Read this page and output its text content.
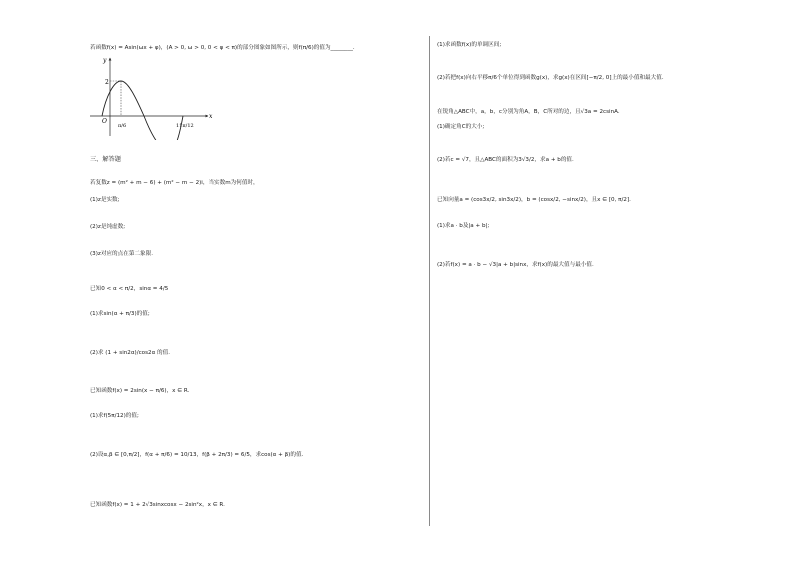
若函数f(x) = Asin(ωx + φ)，(A > 0, ω > 0, 0 < φ < π)的部分图象如图所示，则f(π/6)的值为________.
y
x
O
2
π/6	11π/12
三、解答题
若复数z = (m² + m − 6) + (m² − m − 2)i，当实数m为何值时，
(1)z是实数;
(2)z是纯虚数;
(3)z对应的点在第二象限.
已知0 < α < π/2，sinα = 4/5
(1)求sin(α + π/3)的值;
(2)求 (1 + sin2α)/cos2α 的值.
已知函数f(x) = 2sin(x − π/6)，x ∈ R.
(1)求f(5π/12)的值;
(2)设α,β ∈ [0,π/2]，f(α + π/6) = 10/13，f(β + 2π/3) = 6/5，求cos(α + β)的值.
已知函数f(x) = 1 + 2√3sinxcosx − 2sin²x，x ∈ R.
(1)求函数f(x)的单调区间;
(2)若把f(x)向右平移π/6个单位得到函数g(x)，求g(x)在区间[−π/2, 0]上的最小值和最大值.
在锐角△ABC中，a，b，c分别为角A，B，C所对的边，且√3a = 2csinA.
(1)确定角C的大小;
(2)若c = √7，且△ABC的面积为3√3/2，求a + b的值.
已知向量a = (cos3x/2, sin3x/2)，b = (cosx/2, −sinx/2)，且x ∈ [0, π/2].
(1)求a · b及|a + b|;
(2)若f(x) = a · b − √3|a + b|sinx，求f(x)的最大值与最小值.
